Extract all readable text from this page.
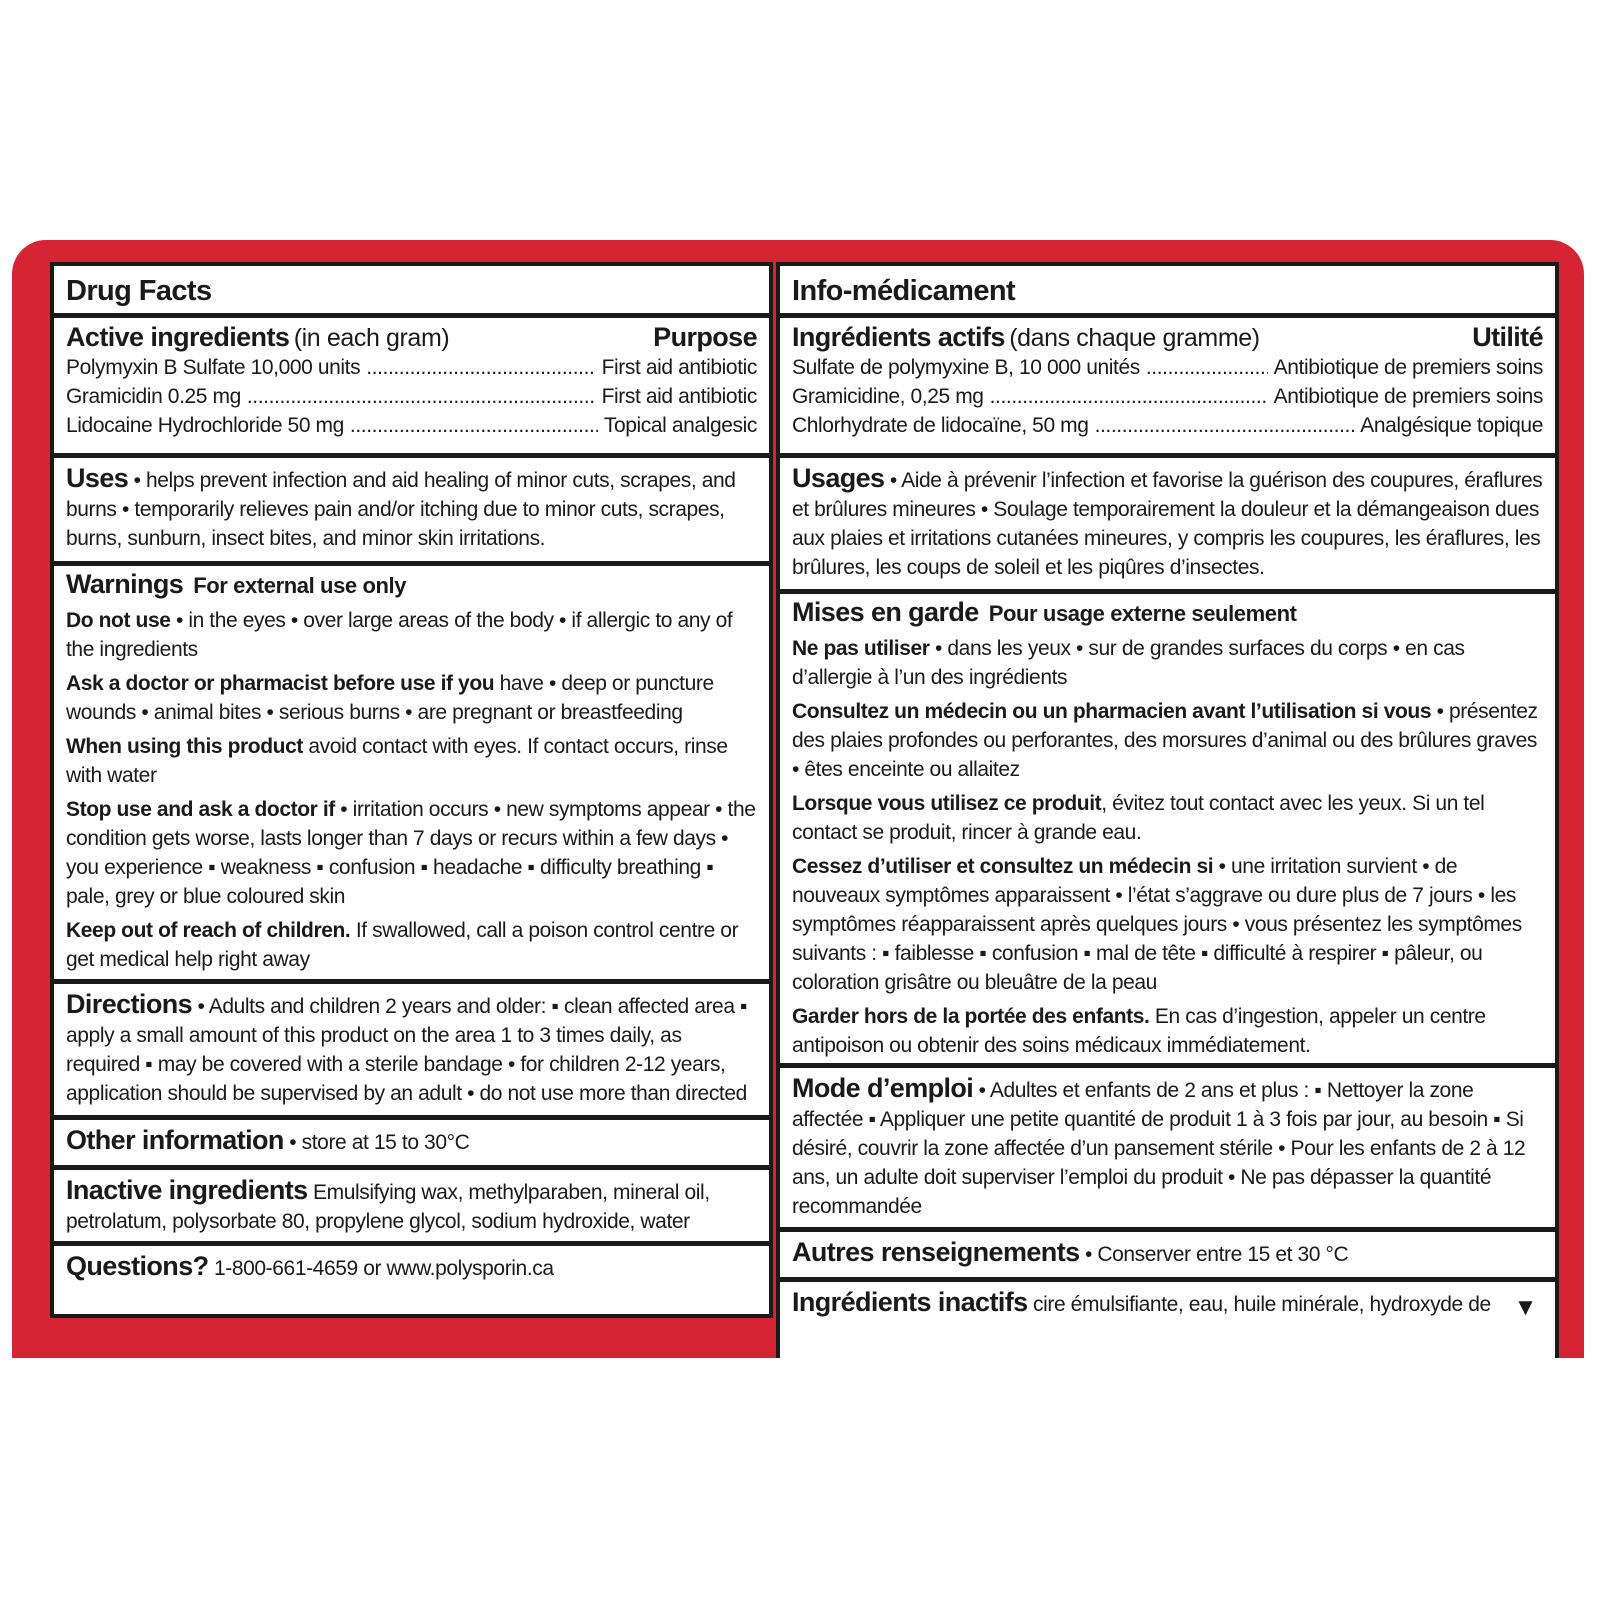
Drug Facts
Active ingredients (in each gram)	Purpose
Polymyxin B Sulfate 10,000 units .....	First aid antibiotic
Gramicidin 0.25 mg .....	First aid antibiotic
Lidocaine Hydrochloride 50 mg .....	Topical analgesic
Uses • helps prevent infection and aid healing of minor cuts, scrapes, and burns • temporarily relieves pain and/or itching due to minor cuts, scrapes, burns, sunburn, insect bites, and minor skin irritations.
Warnings For external use only
Do not use • in the eyes • over large areas of the body • if allergic to any of the ingredients
Ask a doctor or pharmacist before use if you have • deep or puncture wounds • animal bites • serious burns • are pregnant or breastfeeding
When using this product avoid contact with eyes. If contact occurs, rinse with water
Stop use and ask a doctor if • irritation occurs • new symptoms appear • the condition gets worse, lasts longer than 7 days or recurs within a few days • you experience ▪ weakness ▪ confusion ▪ headache ▪ difficulty breathing ▪ pale, grey or blue coloured skin
Keep out of reach of children. If swallowed, call a poison control centre or get medical help right away
Directions • Adults and children 2 years and older: ▪ clean affected area ▪ apply a small amount of this product on the area 1 to 3 times daily, as required ▪ may be covered with a sterile bandage • for children 2-12 years, application should be supervised by an adult • do not use more than directed
Other information • store at 15 to 30°C
Inactive ingredients Emulsifying wax, methylparaben, mineral oil, petrolatum, polysorbate 80, propylene glycol, sodium hydroxide, water
Questions? 1-800-661-4659 or www.polysporin.ca
Info-médicament
Ingrédients actifs (dans chaque gramme)	Utilité
Sulfate de polymyxine B, 10 000 unités .....	Antibiotique de premiers soins
Gramicidine, 0,25 mg .....	Antibiotique de premiers soins
Chlorhydrate de lidocaïne, 50 mg .....	Analgésique topique
Usages • Aide à prévenir l’infection et favorise la guérison des coupures, éraflures et brûlures mineures • Soulage temporairement la douleur et la démangeaison dues aux plaies et irritations cutanées mineures, y compris les coupures, les éraflures, les brûlures, les coups de soleil et les piqûres d’insectes.
Mises en garde Pour usage externe seulement
Ne pas utiliser • dans les yeux • sur de grandes surfaces du corps • en cas d’allergie à l’un des ingrédients
Consultez un médecin ou un pharmacien avant l’utilisation si vous • présentez des plaies profondes ou perforantes, des morsures d’animal ou des brûlures graves • êtes enceinte ou allaitez
Lorsque vous utilisez ce produit, évitez tout contact avec les yeux. Si un tel contact se produit, rincer à grande eau.
Cessez d’utiliser et consultez un médecin si • une irritation survient • de nouveaux symptômes apparaissent • l’état s’aggrave ou dure plus de 7 jours • les symptômes réapparaissent après quelques jours • vous présentez les symptômes suivants : ▪ faiblesse ▪ confusion ▪ mal de tête ▪ difficulté à respirer ▪ pâleur, ou coloration grisâtre ou bleuâtre de la peau
Garder hors de la portée des enfants. En cas d’ingestion, appeler un centre antipoison ou obtenir des soins médicaux immédiatement.
Mode d’emploi • Adultes et enfants de 2 ans et plus : ▪ Nettoyer la zone affectée ▪ Appliquer une petite quantité de produit 1 à 3 fois par jour, au besoin ▪ Si désiré, couvrir la zone affectée d’un pansement stérile • Pour les enfants de 2 à 12 ans, un adulte doit superviser l’emploi du produit • Ne pas dépasser la quantité recommandée
Autres renseignements • Conserver entre 15 et 30 °C
Ingrédients inactifs cire émulsifiante, eau, huile minérale, hydroxyde de ▼
